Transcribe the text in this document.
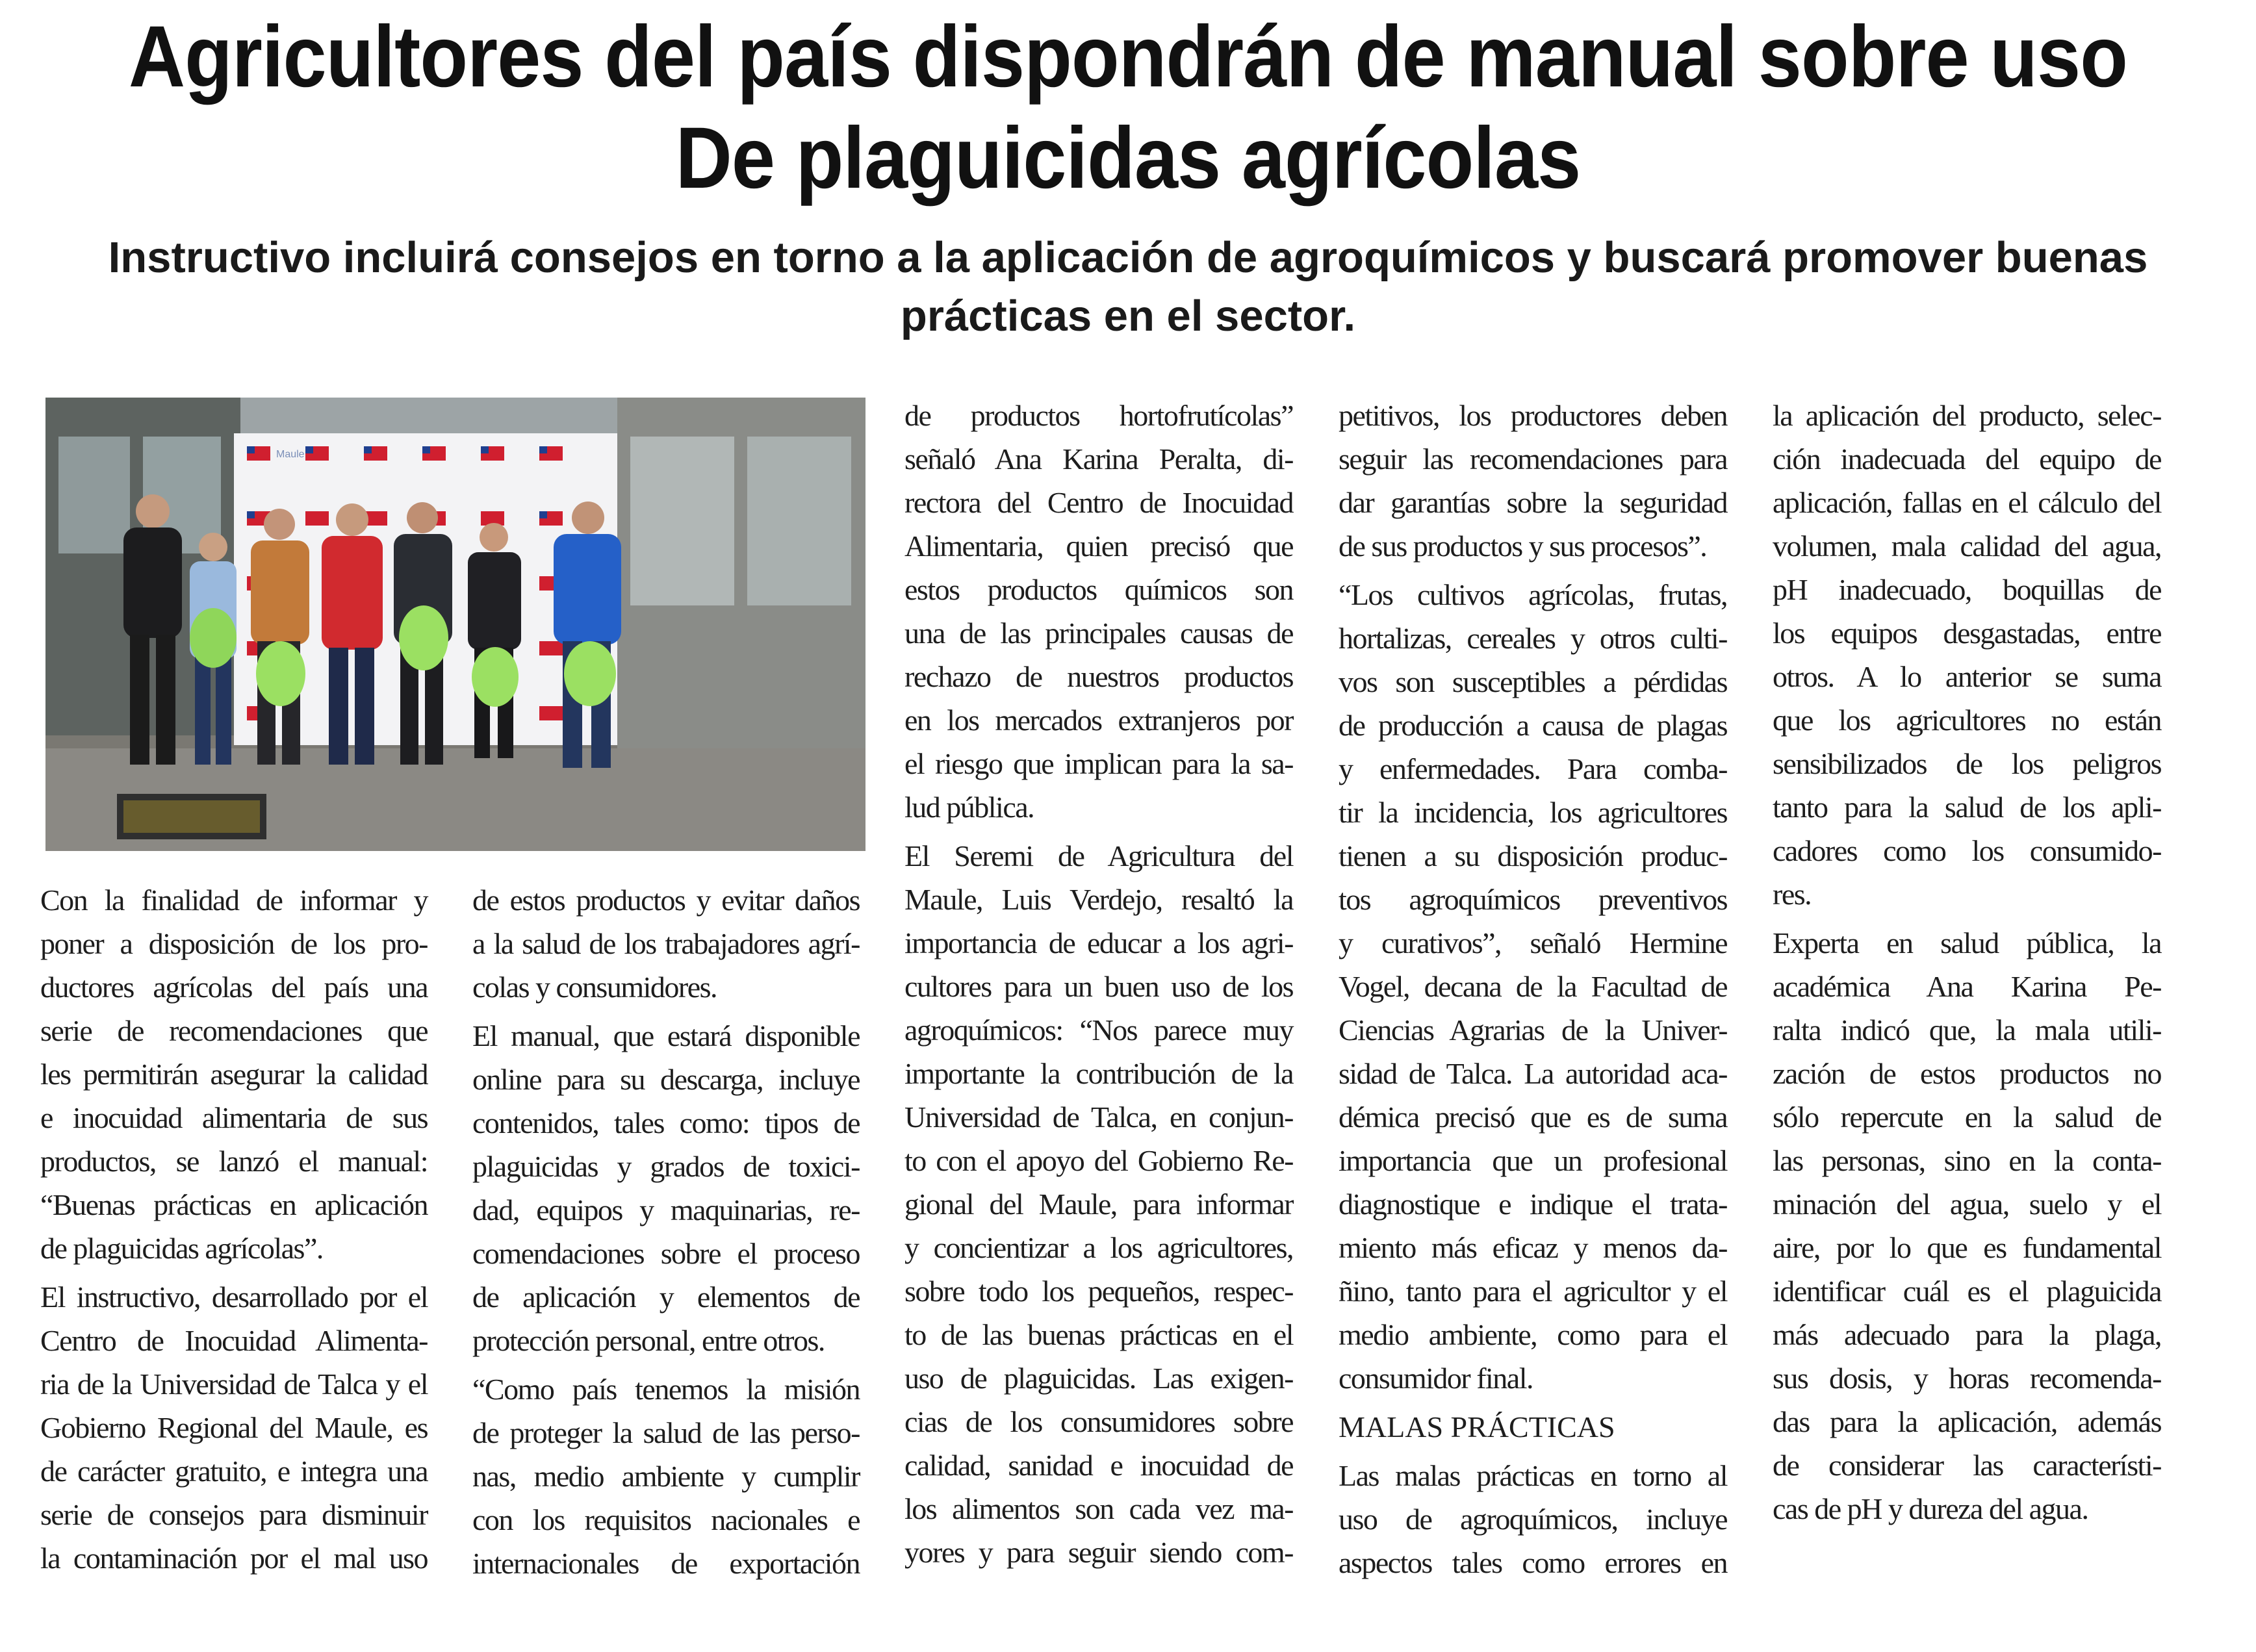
Agricultores del país dispondrán de manual sobre uso
De plaguicidas agrícolas
Instructivo incluirá consejos en torno a la aplicación de agroquímicos y buscará promover buenas
prácticas en el sector.
Maule
Con la finalidad de informar y
poner a disposición de los pro-
ductores agrícolas del país una
serie de recomendaciones que
les permitirán asegurar la calidad
e inocuidad alimentaria de sus
productos, se lanzó el manual:
“Buenas prácticas en aplicación
de plaguicidas agrícolas”.
El instructivo, desarrollado por el
Centro de Inocuidad Alimenta-
ria de la Universidad de Talca y el
Gobierno Regional del Maule, es
de carácter gratuito, e integra una
serie de consejos para disminuir
la contaminación por el mal uso
de estos productos y evitar daños
a la salud de los trabajadores agrí-
colas y consumidores.
El manual, que estará disponible
online para su descarga, incluye
contenidos, tales como: tipos de
plaguicidas y grados de toxici-
dad, equipos y maquinarias, re-
comendaciones sobre el proceso
de aplicación y elementos de
protección personal, entre otros.
“Como país tenemos la misión
de proteger la salud de las perso-
nas, medio ambiente y cumplir
con los requisitos nacionales e
internacionales de exportación
de productos hortofrutícolas”
señaló Ana Karina Peralta, di-
rectora del Centro de Inocuidad
Alimentaria, quien precisó que
estos productos químicos son
una de las principales causas de
rechazo de nuestros productos
en los mercados extranjeros por
el riesgo que implican para la sa-
lud pública.
El Seremi de Agricultura del
Maule, Luis Verdejo, resaltó la
importancia de educar a los agri-
cultores para un buen uso de los
agroquímicos: “Nos parece muy
importante la contribución de la
Universidad de Talca, en conjun-
to con el apoyo del Gobierno Re-
gional del Maule, para informar
y concientizar a los agricultores,
sobre todo los pequeños, respec-
to de las buenas prácticas en el
uso de plaguicidas. Las exigen-
cias de los consumidores sobre
calidad, sanidad e inocuidad de
los alimentos son cada vez ma-
yores y para seguir siendo com-
petitivos, los productores deben
seguir las recomendaciones para
dar garantías sobre la seguridad
de sus productos y sus procesos”.
“Los cultivos agrícolas, frutas,
hortalizas, cereales y otros culti-
vos son susceptibles a pérdidas
de producción a causa de plagas
y enfermedades. Para comba-
tir la incidencia, los agricultores
tienen a su disposición produc-
tos agroquímicos preventivos
y curativos”, señaló Hermine
Vogel, decana de la Facultad de
Ciencias Agrarias de la Univer-
sidad de Talca. La autoridad aca-
démica precisó que es de suma
importancia que un profesional
diagnostique e indique el trata-
miento más eficaz y menos da-
ñino, tanto para el agricultor y el
medio ambiente, como para el
consumidor final.
MALAS PRÁCTICAS
Las malas prácticas en torno al
uso de agroquímicos, incluye
aspectos tales como errores en
la aplicación del producto, selec-
ción inadecuada del equipo de
aplicación, fallas en el cálculo del
volumen, mala calidad del agua,
pH inadecuado, boquillas de
los equipos desgastadas, entre
otros. A lo anterior se suma
que los agricultores no están
sensibilizados de los peligros
tanto para la salud de los apli-
cadores como los consumido-
res.
Experta en salud pública, la
académica Ana Karina Pe-
ralta indicó que, la mala utili-
zación de estos productos no
sólo repercute en la salud de
las personas, sino en la conta-
minación del agua, suelo y el
aire, por lo que es fundamental
identificar cuál es el plaguicida
más adecuado para la plaga,
sus dosis, y horas recomenda-
das para la aplicación, además
de considerar las característi-
cas de pH y dureza del agua.
